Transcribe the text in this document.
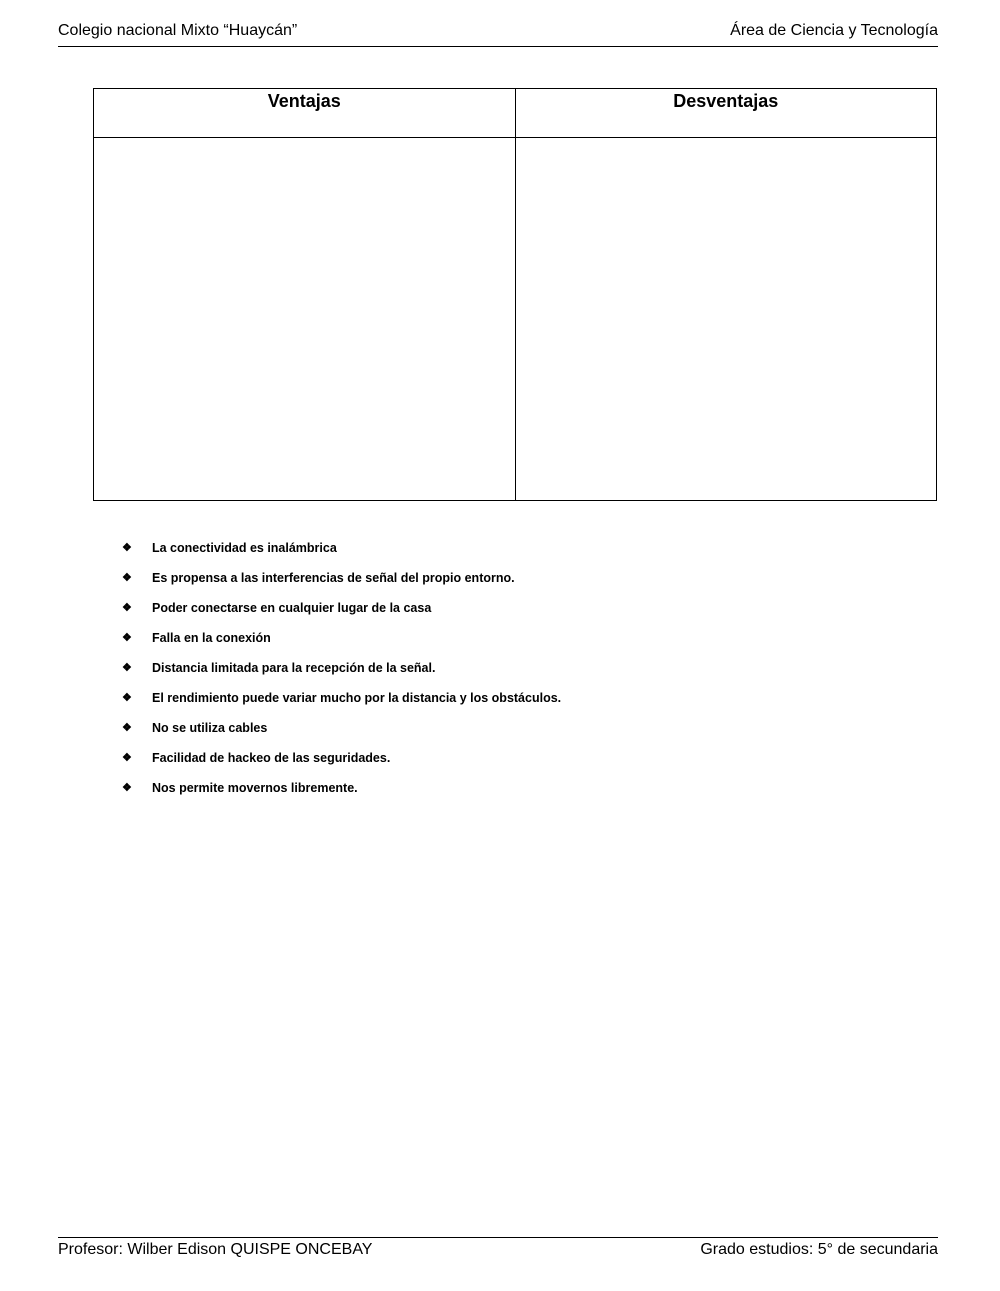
Colegio nacional Mixto “Huaycán”	Área de Ciencia y Tecnología
Ventajas	Desventajas

❖	La conectividad es inalámbrica
❖	Es propensa a las interferencias de señal del propio entorno.
❖	Poder conectarse en cualquier lugar de la casa
❖	Falla en la conexión
❖	Distancia limitada para la recepción de la señal.
❖	El rendimiento puede variar mucho por la distancia y los obstáculos.
❖	No se utiliza cables
❖	Facilidad de hackeo de las seguridades.
❖	Nos permite movernos libremente.
Profesor: Wilber Edison QUISPE ONCEBAY	Grado estudios: 5° de secundaria
